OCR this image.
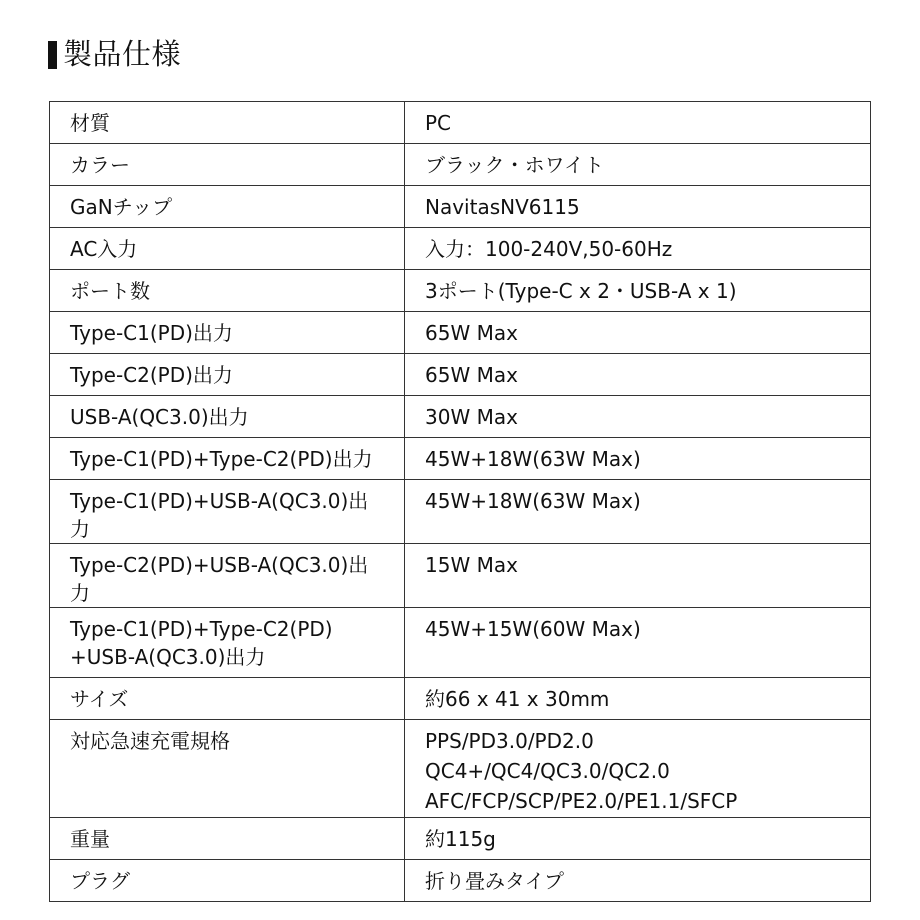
製品仕様
材質	PC
カラー	ブラック・ホワイト
GaNチップ	NavitasNV6115
AC入力	入力：100-240V,50-60Hz
ポート数	3ポート(Type-C x 2・USB-A x 1)
Type-C1(PD)出力	65W Max
Type-C2(PD)出力	65W Max
USB-A(QC3.0)出力	30W Max
Type-C1(PD)+Type-C2(PD)出力	45W+18W(63W Max)
Type-C1(PD)+USB-A(QC3.0)出力	45W+18W(63W Max)
Type-C2(PD)+USB-A(QC3.0)出力	15W Max
Type-C1(PD)+Type-C2(PD)
+USB-A(QC3.0)出力	45W+15W(60W Max)
サイズ	約66 x 41 x 30mm
対応急速充電規格	PPS/PD3.0/PD2.0
QC4+/QC4/QC3.0/QC2.0
AFC/FCP/SCP/PE2.0/PE1.1/SFCP
重量	約115g
プラグ	折り畳みタイプ
